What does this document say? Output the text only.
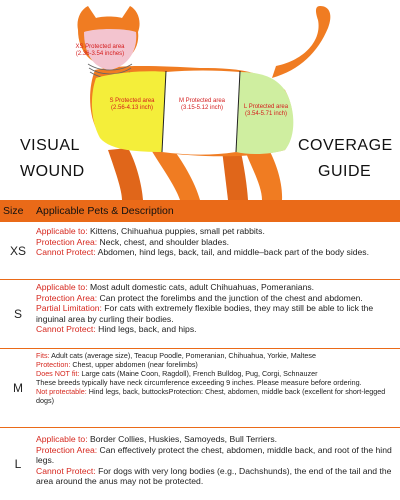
VISUAL
WOUND
COVERAGE
GUIDE
XS Protected area
(2.36-3.54 inches)
S Protected area
(2.56-4.13 inch)
M Protected area
(3.15-5.12 inch)	L Protected area
(3.54-5.71 inch)
Size	Applicable Pets & Description
XS

Applicable to: Kittens, Chihuahua puppies, small pet rabbits.

Protection Area: Neck, chest, and shoulder blades.

Cannot Protect: Abdomen, hind legs, back, tail, and middle–back part of the body sides.

S

Applicable to: Most adult domestic cats, adult Chihuahuas, Pomeranians.

Protection Area: Can protect the forelimbs and the junction of the chest and abdomen.

Partial Limitation: For cats with extremely flexible bodies, they may still be able to lick the inguinal area by curling their bodies.

Cannot Protect: Hind legs, back, and hips.

M

Fits: Adult cats (average size), Teacup Poodle, Pomeranian, Chihuahua, Yorkie, Maltese

Protection: Chest, upper abdomen (near forelimbs)

Does NOT fit: Large cats (Maine Coon, Ragdoll), French Bulldog, Pug, Corgi, Schnauzer

These breeds typically have neck circumference exceeding 9 inches. Please measure before ordering.

Not protectable: Hind legs, back, buttocksProtection: Chest, abdomen, middle back (excellent for short-legged dogs)

L

Applicable to: Border Collies, Huskies, Samoyeds, Bull Terriers.

Protection Area: Can effectively protect the chest, abdomen, middle back, and root of the hind legs.

Cannot Protect: For dogs with very long bodies (e.g., Dachshunds), the end of the tail and the area around the anus may not be protected.
